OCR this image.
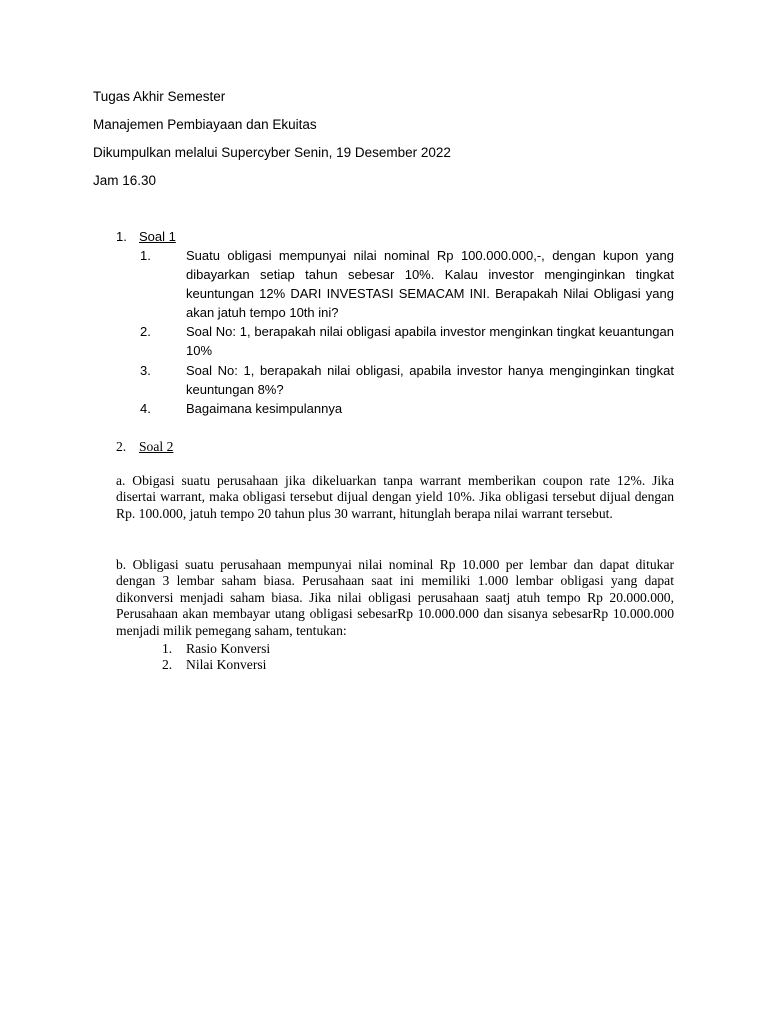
Tugas Akhir Semester
Manajemen Pembiayaan dan Ekuitas
Dikumpulkan melalui Supercyber Senin, 19 Desember 2022
Jam 16.30
1. Soal 1
1.	Suatu obligasi mempunyai nilai nominal Rp 100.000.000,-, dengan kupon yang dibayarkan setiap tahun sebesar 10%. Kalau investor menginginkan tingkat keuntungan 12% DARI INVESTASI SEMACAM INI. Berapakah Nilai Obligasi yang akan jatuh tempo 10th ini?
2.	Soal No: 1, berapakah nilai obligasi apabila investor menginkan tingkat keuantungan 10%
3.	Soal No: 1, berapakah nilai obligasi, apabila investor hanya menginginkan tingkat keuntungan 8%?
4.	Bagaimana kesimpulannya
2. Soal 2
a. Obigasi suatu perusahaan jika dikeluarkan tanpa warrant memberikan coupon rate 12%. Jika disertai warrant, maka obligasi tersebut dijual dengan yield 10%. Jika obligasi tersebut dijual dengan Rp. 100.000, jatuh tempo 20 tahun plus 30 warrant, hitunglah berapa nilai warrant tersebut.
b. Obligasi suatu perusahaan mempunyai nilai nominal Rp 10.000 per lembar dan dapat ditukar dengan 3 lembar saham biasa. Perusahaan saat ini memiliki 1.000 lembar obligasi yang dapat dikonversi menjadi saham biasa. Jika nilai obligasi perusahaan saatj atuh tempo Rp 20.000.000, Perusahaan akan membayar utang obligasi sebesarRp 10.000.000 dan sisanya sebesarRp 10.000.000 menjadi milik pemegang saham, tentukan:
1. Rasio Konversi
2. Nilai Konversi
